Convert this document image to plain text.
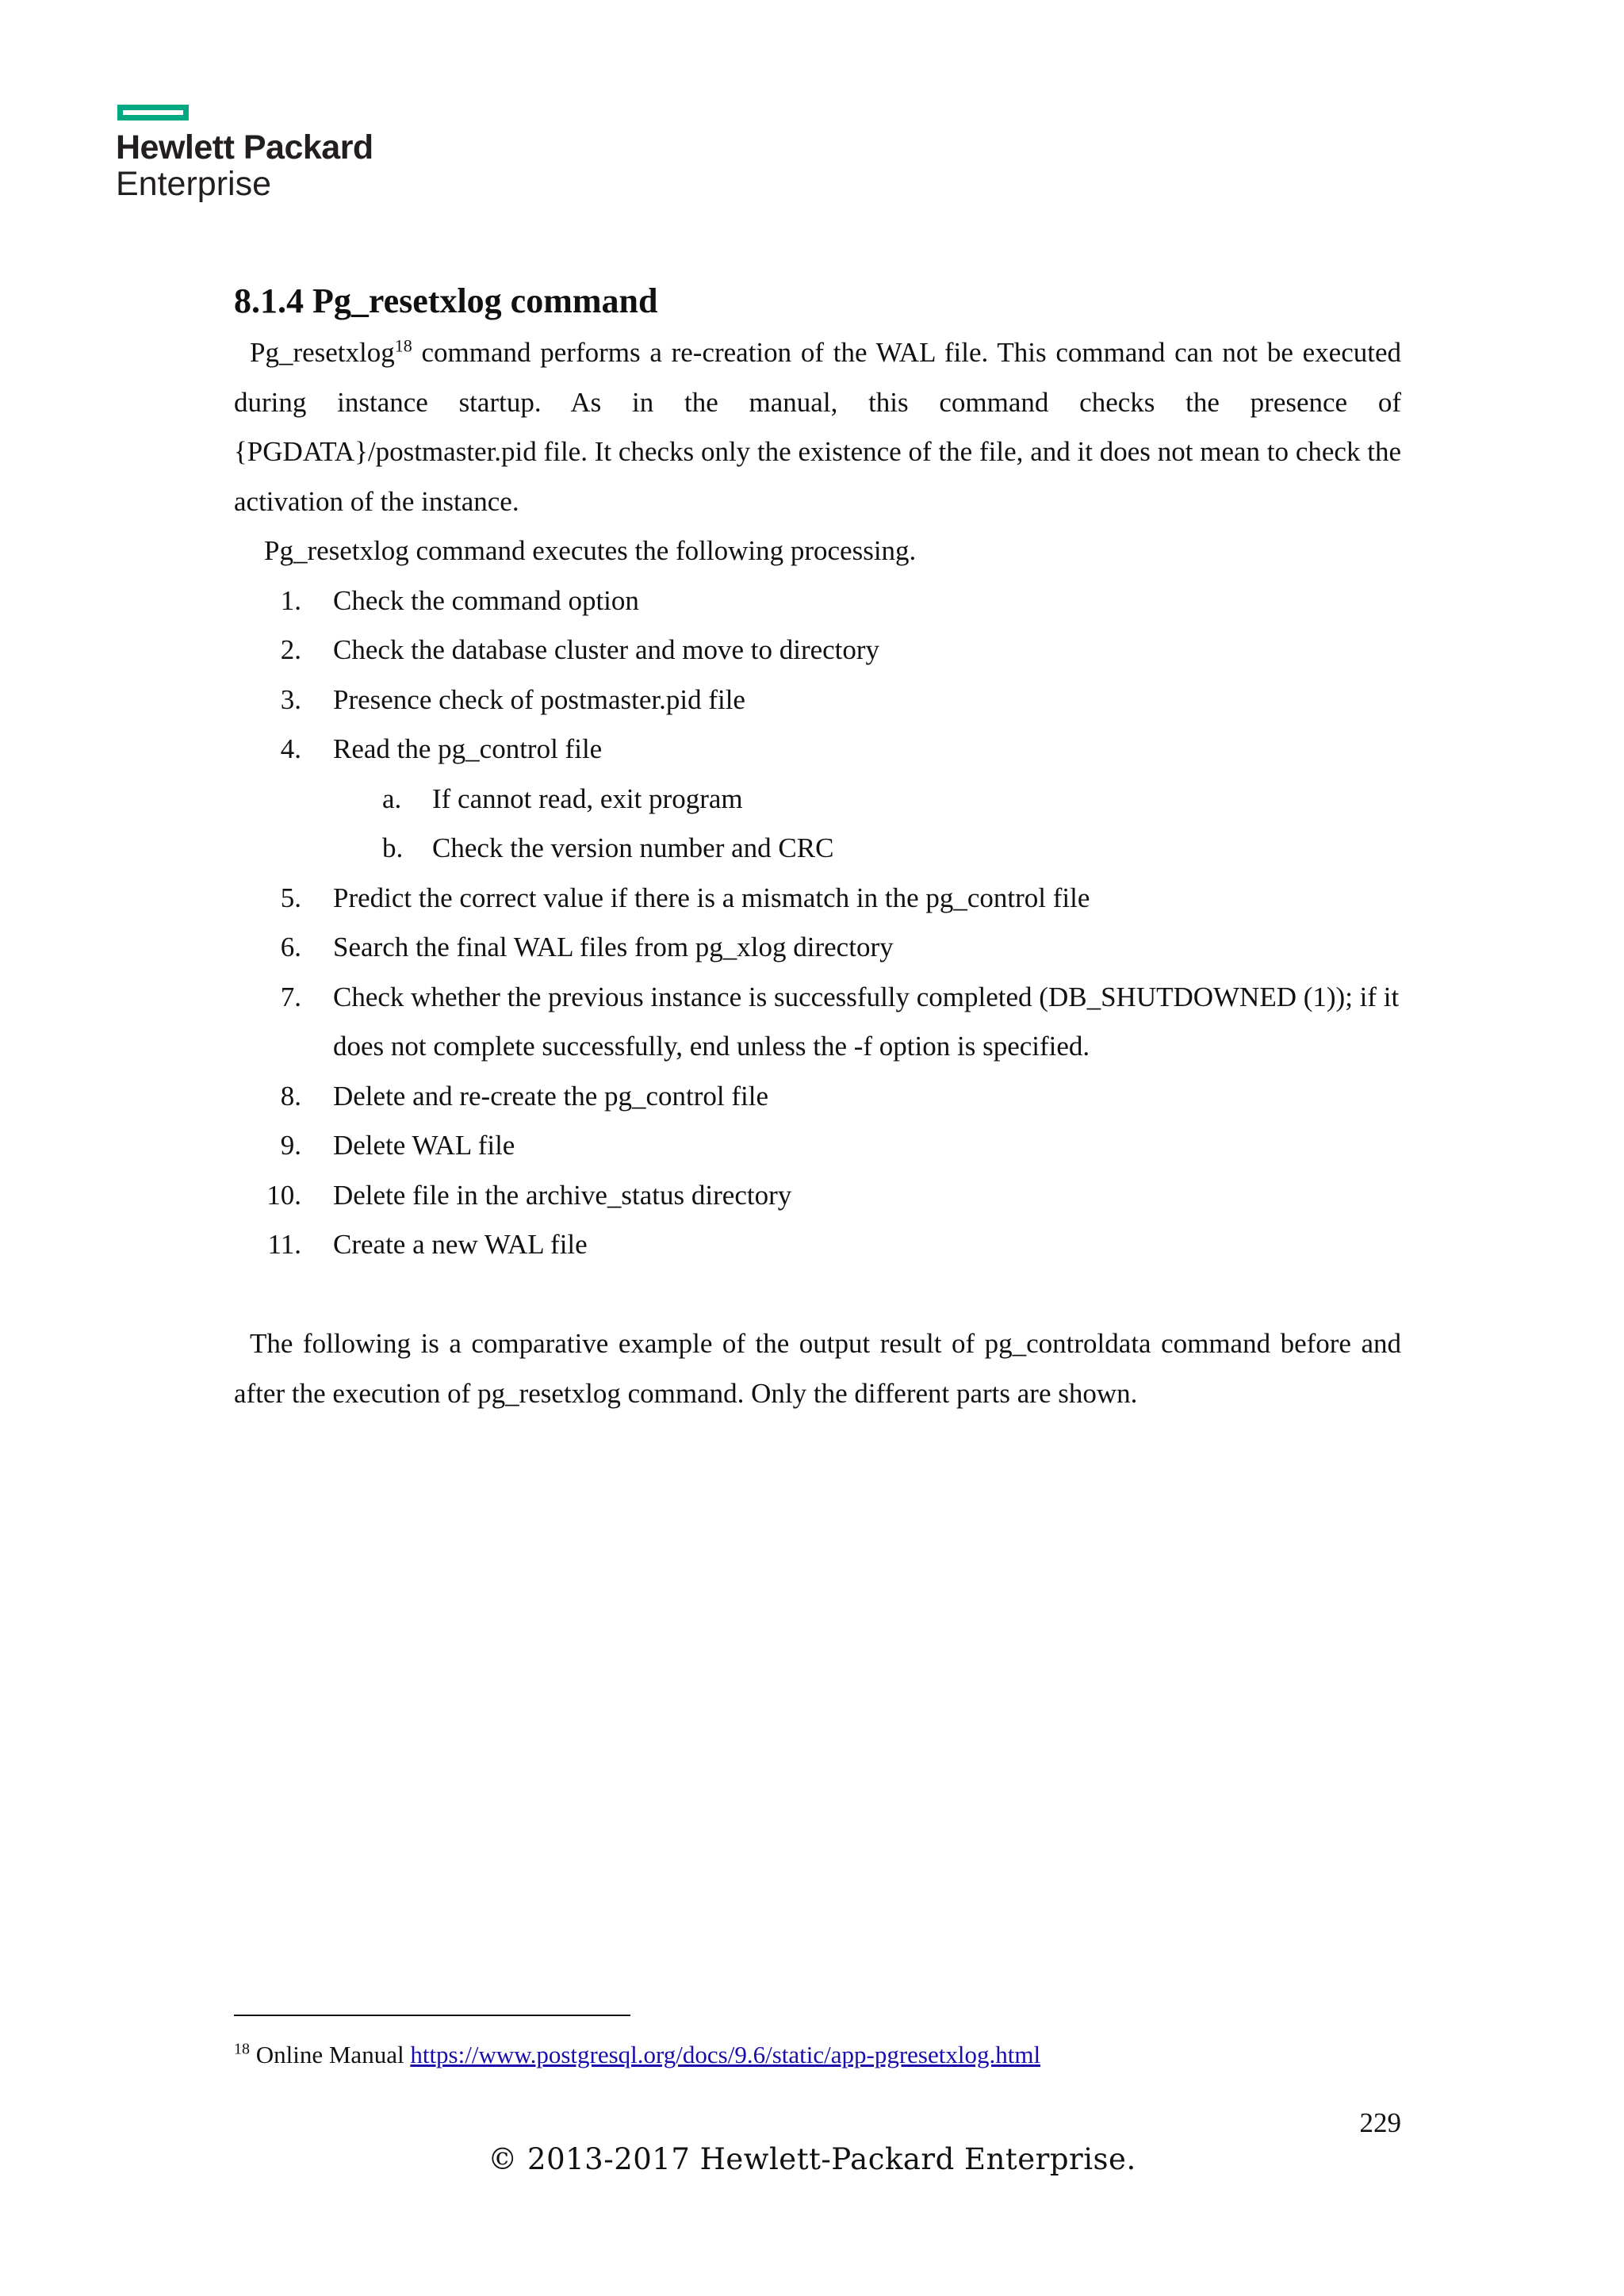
Hewlett Packard
Enterprise
8.1.4 Pg_resetxlog command

Pg_resetxlog$^{18}$ command performs a re-creation of the WAL file. This command can not be executed during instance startup. As in the manual, this command checks the presence of {PGDATA}/postmaster.pid file. It checks only the existence of the file, and it does not mean to check the activation of the instance.

Pg_resetxlog command executes the following processing.

1.	Check the command option
2.	Check the database cluster and move to directory
3.	Presence check of postmaster.pid file
4.	Read the pg_control file
a.	If cannot read, exit program
b.	Check the version number and CRC
5.	Predict the correct value if there is a mismatch in the pg_control file
6.	Search the final WAL files from pg_xlog directory
7.	Check whether the previous instance is successfully completed (DB_SHUTDOWNED (1)); if it does not complete successfully, end unless the -f option is specified.
8.	Delete and re-create the pg_control file
9.	Delete WAL file
10.	Delete file in the archive_status directory
11.	Create a new WAL file

The following is a comparative example of the output result of pg_controldata command before and after the execution of pg_resetxlog command. Only the different parts are shown.

$^{18}$ Online Manual https://www.postgresql.org/docs/9.6/static/app-pgresetxlog.html
229
© 2013-2017 Hewlett-Packard Enterprise.
